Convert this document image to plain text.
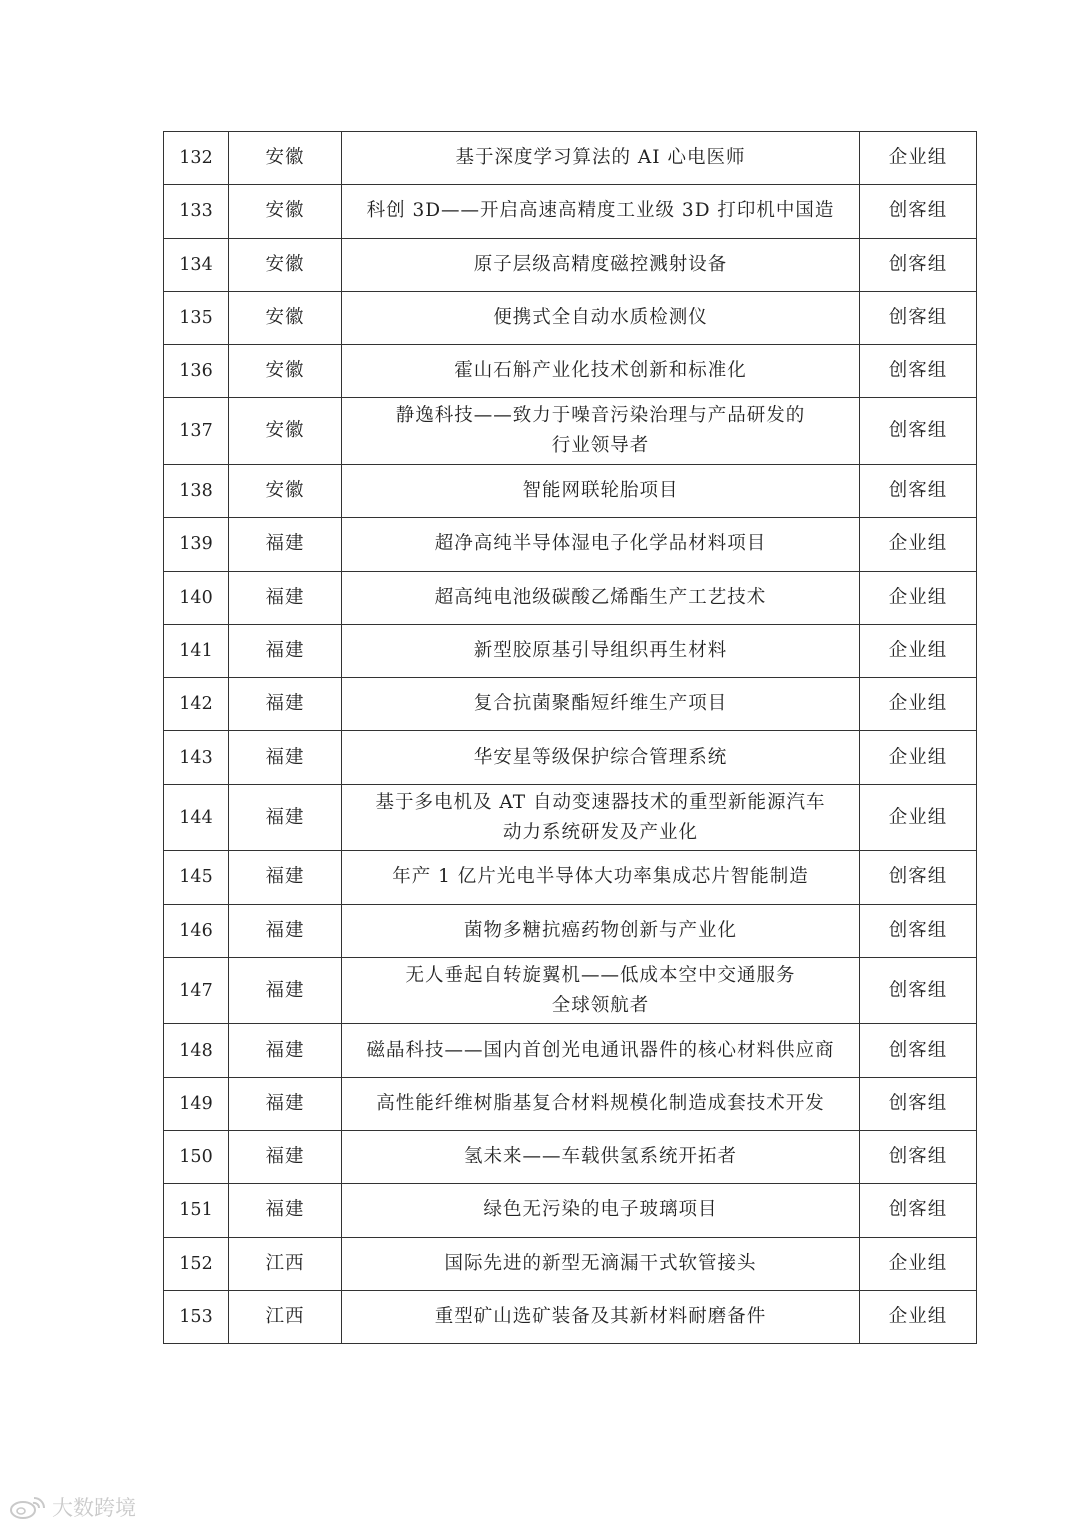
132	安徽	基于深度学习算法的 AI 心电医师	企业组
133	安徽	科创 3D——开启高速高精度工业级 3D 打印机中国造	创客组
134	安徽	原子层级高精度磁控溅射设备	创客组
135	安徽	便携式全自动水质检测仪	创客组
136	安徽	霍山石斛产业化技术创新和标准化	创客组
137	安徽	静逸科技——致力于噪音污染治理与产品研发的
行业领导者	创客组
138	安徽	智能网联轮胎项目	创客组
139	福建	超净高纯半导体湿电子化学品材料项目	企业组
140	福建	超高纯电池级碳酸乙烯酯生产工艺技术	企业组
141	福建	新型胶原基引导组织再生材料	企业组
142	福建	复合抗菌聚酯短纤维生产项目	企业组
143	福建	华安星等级保护综合管理系统	企业组
144	福建	基于多电机及 AT 自动变速器技术的重型新能源汽车
动力系统研发及产业化	企业组
145	福建	年产 1 亿片光电半导体大功率集成芯片智能制造	创客组
146	福建	菌物多糖抗癌药物创新与产业化	创客组
147	福建	无人垂起自转旋翼机——低成本空中交通服务
全球领航者	创客组
148	福建	磁晶科技——国内首创光电通讯器件的核心材料供应商	创客组
149	福建	高性能纤维树脂基复合材料规模化制造成套技术开发	创客组
150	福建	氢未来——车载供氢系统开拓者	创客组
151	福建	绿色无污染的电子玻璃项目	创客组
152	江西	国际先进的新型无滴漏干式软管接头	企业组
153	江西	重型矿山选矿装备及其新材料耐磨备件	企业组
大数跨境
